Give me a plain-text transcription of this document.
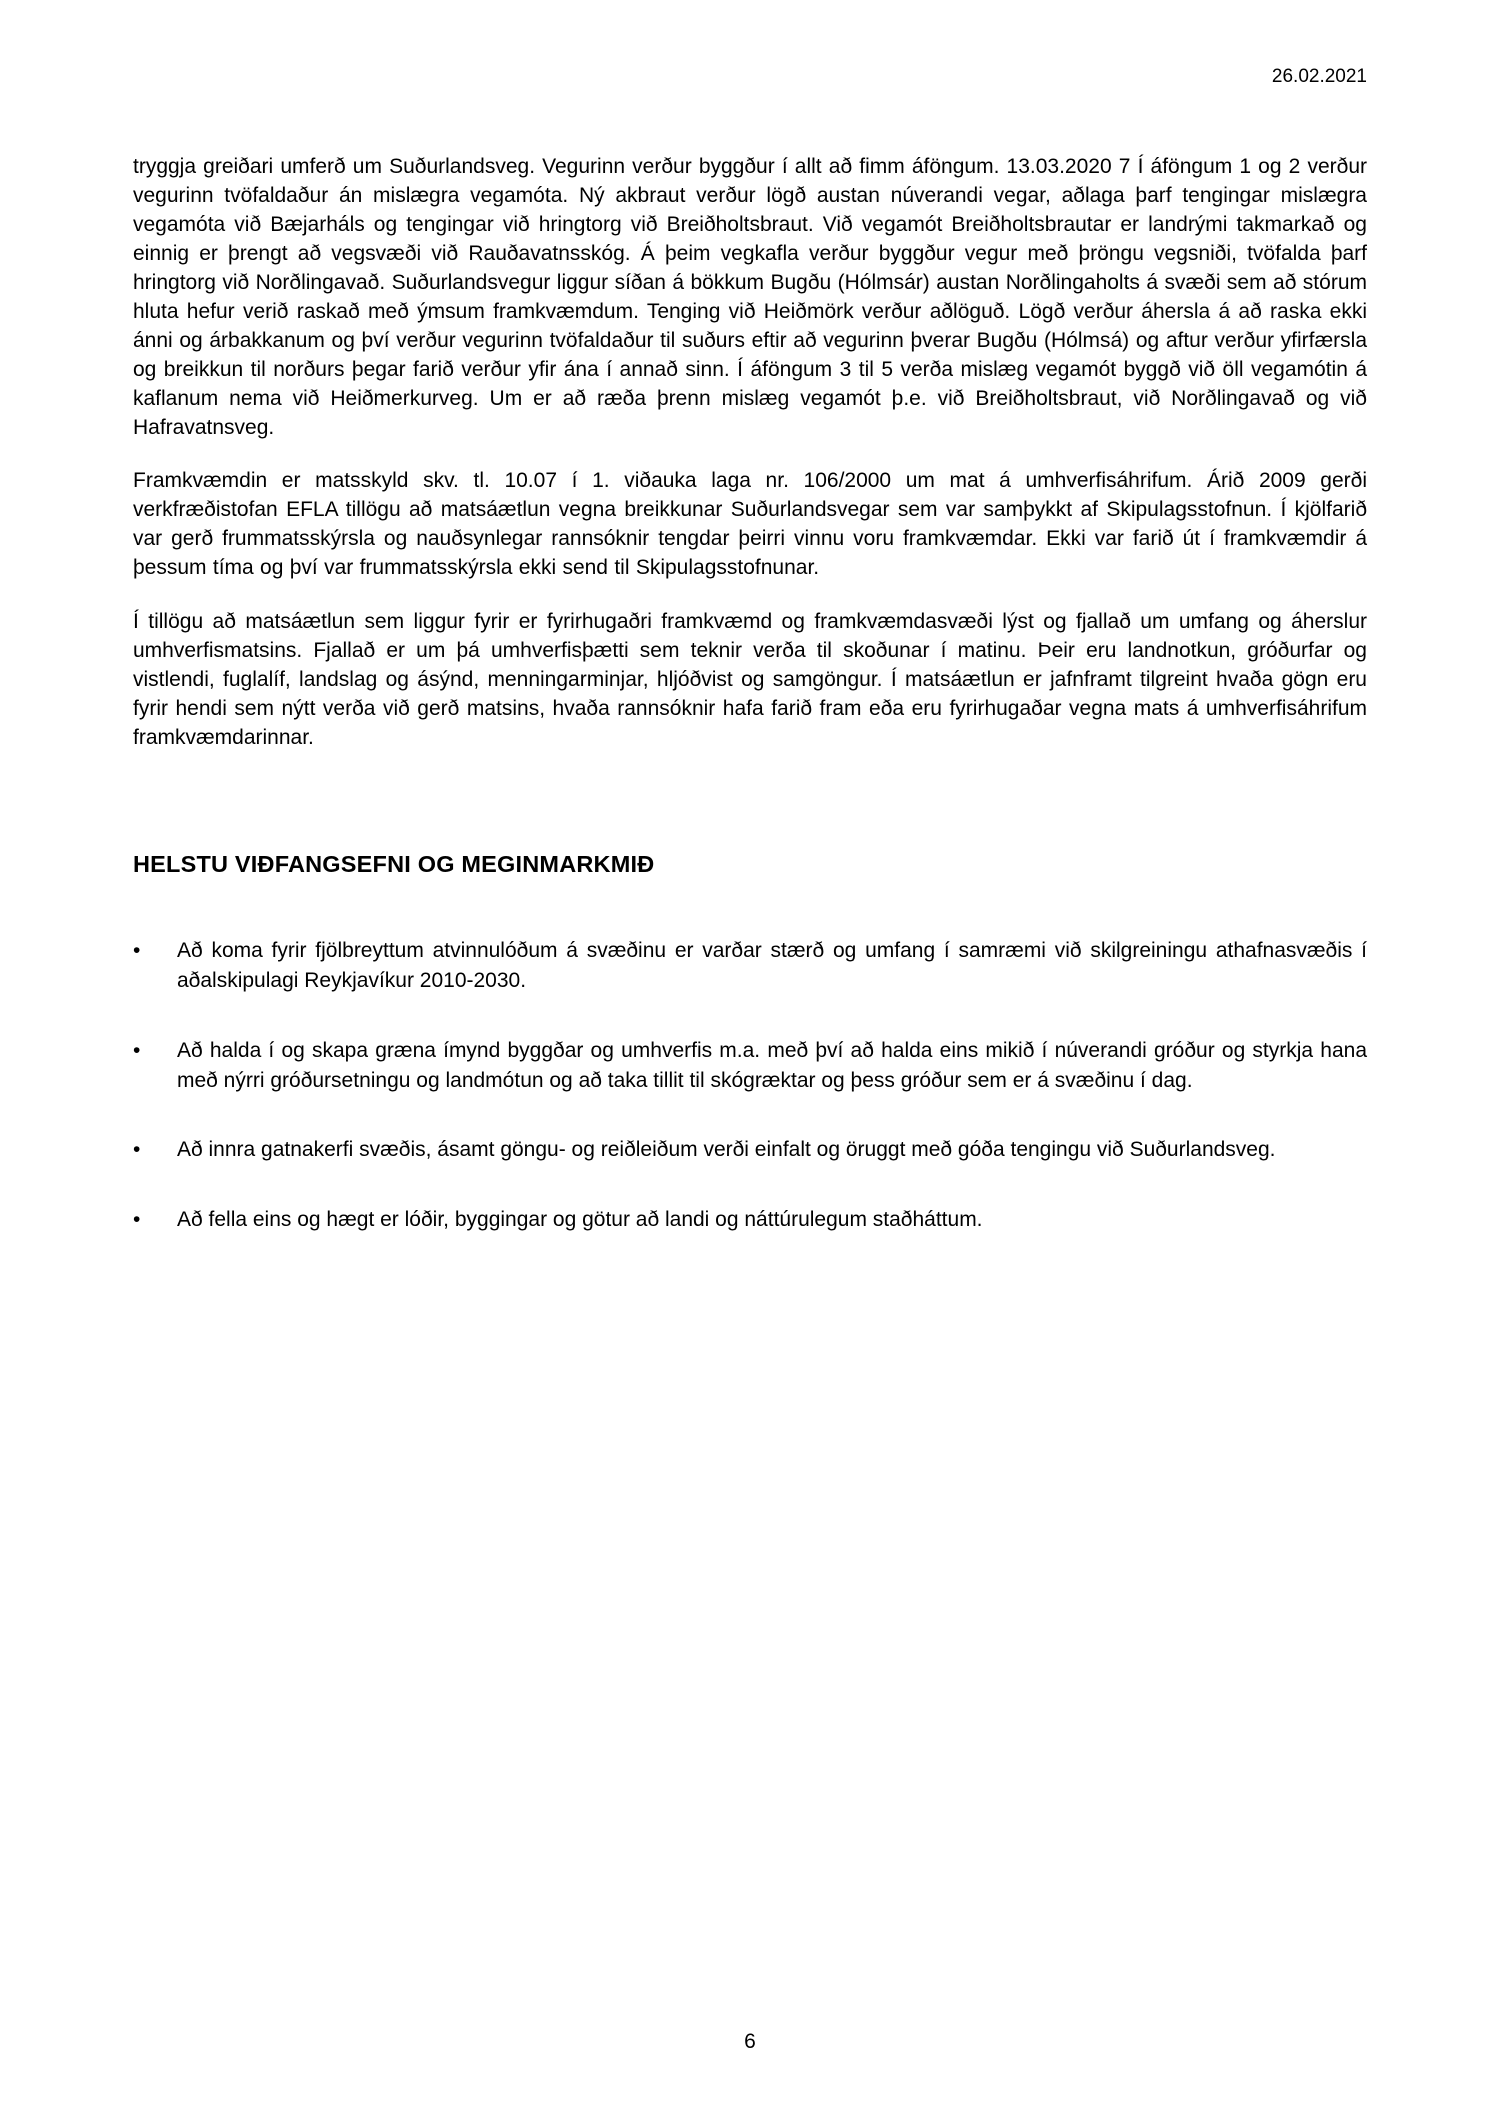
26.02.2021

tryggja greiðari umferð um Suðurlandsveg. Vegurinn verður byggður í allt að fimm áföngum. 13.03.2020 7 Í áföngum 1 og 2 verður vegurinn tvöfaldaður án mislægra vegamóta. Ný akbraut verður lögð austan núverandi vegar, aðlaga þarf tengingar mislægra vegamóta við Bæjarháls og tengingar við hringtorg við Breiðholtsbraut. Við vegamót Breiðholtsbrautar er landrými takmarkað og einnig er þrengt að vegsvæði við Rauðavatnsskóg. Á þeim vegkafla verður byggður vegur með þröngu vegsniði, tvöfalda þarf hringtorg við Norðlingavað. Suðurlandsvegur liggur síðan á bökkum Bugðu (Hólmsár) austan Norðlingaholts á svæði sem að stórum hluta hefur verið raskað með ýmsum framkvæmdum. Tenging við Heiðmörk verður aðlöguð. Lögð verður áhersla á að raska ekki ánni og árbakkanum og því verður vegurinn tvöfaldaður til suðurs eftir að vegurinn þverar Bugðu (Hólmsá) og aftur verður yfirfærsla og breikkun til norðurs þegar farið verður yfir ána í annað sinn. Í áföngum 3 til 5 verða mislæg vegamót byggð við öll vegamótin á kaflanum nema við Heiðmerkurveg. Um er að ræða þrenn mislæg vegamót þ.e. við Breiðholtsbraut, við Norðlingavað og við Hafravatnsveg.

Framkvæmdin er matsskyld skv. tl. 10.07 í 1. viðauka laga nr. 106/2000 um mat á umhverfisáhrifum. Árið 2009 gerði verkfræðistofan EFLA tillögu að matsáætlun vegna breikkunar Suðurlandsvegar sem var samþykkt af Skipulagsstofnun. Í kjölfarið var gerð frummatsskýrsla og nauðsynlegar rannsóknir tengdar þeirri vinnu voru framkvæmdar. Ekki var farið út í framkvæmdir á þessum tíma og því var frummatsskýrsla ekki send til Skipulagsstofnunar.

Í tillögu að matsáætlun sem liggur fyrir er fyrirhugaðri framkvæmd og framkvæmdasvæði lýst og fjallað um umfang og áherslur umhverfismatsins. Fjallað er um þá umhverfisþætti sem teknir verða til skoðunar í matinu. Þeir eru landnotkun, gróðurfar og vistlendi, fuglalíf, landslag og ásýnd, menningarminjar, hljóðvist og samgöngur. Í matsáætlun er jafnframt tilgreint hvaða gögn eru fyrir hendi sem nýtt verða við gerð matsins, hvaða rannsóknir hafa farið fram eða eru fyrirhugaðar vegna mats á umhverfisáhrifum framkvæmdarinnar.

HELSTU VIÐFANGSEFNI OG MEGINMARKMIÐ
•	Að koma fyrir fjölbreyttum atvinnulóðum á svæðinu er varðar stærð og umfang í samræmi við skilgreiningu athafnasvæðis í aðalskipulagi Reykjavíkur 2010-2030.
•	Að halda í og skapa græna ímynd byggðar og umhverfis m.a. með því að halda eins mikið í núverandi gróður og styrkja hana með nýrri gróðursetningu og landmótun og að taka tillit til skógræktar og þess gróður sem er á svæðinu í dag.
•	Að innra gatnakerfi svæðis, ásamt göngu- og reiðleiðum verði einfalt og öruggt með góða tengingu við Suðurlandsveg.
•	Að fella eins og hægt er lóðir, byggingar og götur að landi og náttúrulegum staðháttum.
6
